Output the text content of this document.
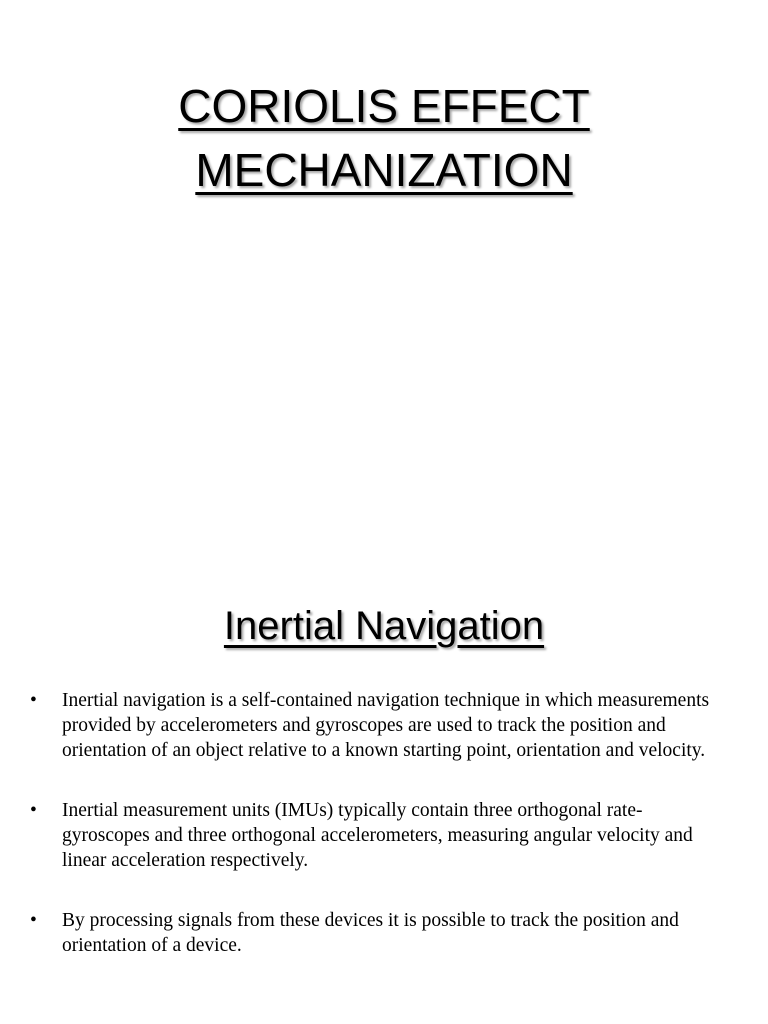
CORIOLIS EFFECT
MECHANIZATION
Inertial Navigation
• Inertial navigation is a self-contained navigation technique in which measurements provided by accelerometers and gyroscopes are used to track the position and orientation of an object relative to a known starting point, orientation and velocity.
• Inertial measurement units (IMUs) typically contain three orthogonal rate-gyroscopes and three orthogonal accelerometers, measuring angular velocity and linear acceleration respectively.
• By processing signals from these devices it is possible to track the position and orientation of a device.
